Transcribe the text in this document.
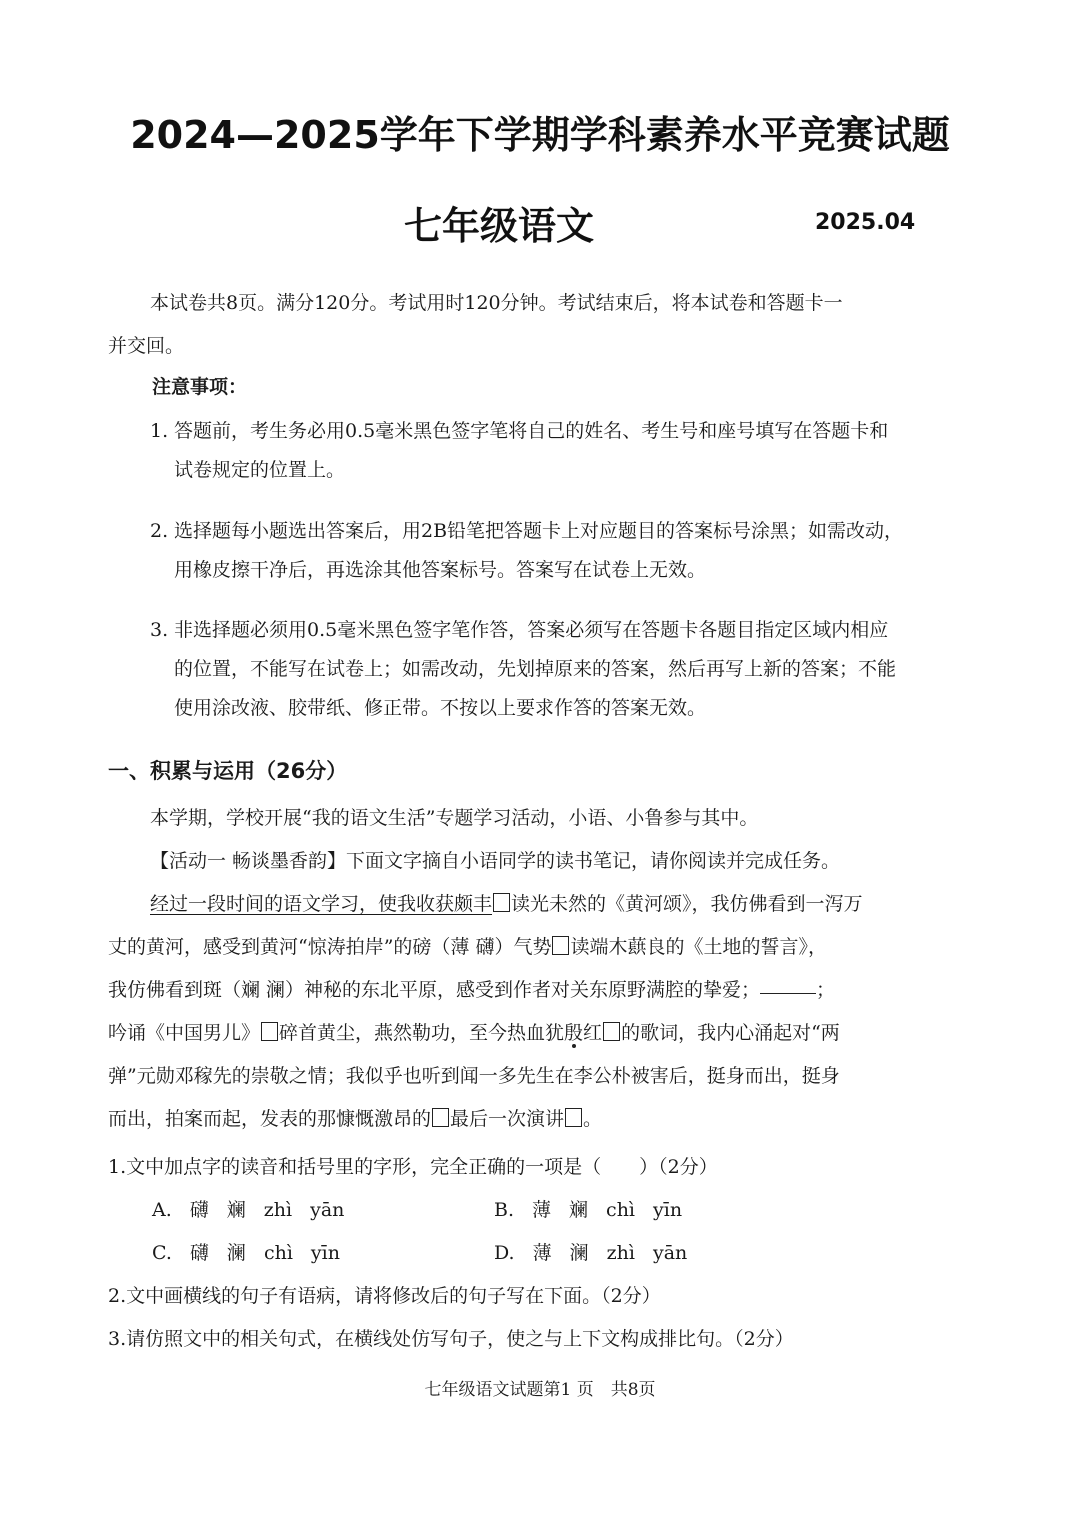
2024—2025学年下学期学科素养水平竞赛试题
七年级语文	2025.04
本试卷共8页。满分120分。考试用时120分钟。考试结束后，将本试卷和答题卡一
并交回。
注意事项：
1. 答题前，考生务必用0.5毫米黑色签字笔将自己的姓名、考生号和座号填写在答题卡和
试卷规定的位置上。
2. 选择题每小题选出答案后，用2B铅笔把答题卡上对应题目的答案标号涂黑；如需改动，
用橡皮擦干净后，再选涂其他答案标号。答案写在试卷上无效。
3. 非选择题必须用0.5毫米黑色签字笔作答，答案必须写在答题卡各题目指定区域内相应
的位置，不能写在试卷上；如需改动，先划掉原来的答案，然后再写上新的答案；不能
使用涂改液、胶带纸、修正带。不按以上要求作答的答案无效。
一、积累与运用（26分）
本学期，学校开展“我的语文生活”专题学习活动，小语、小鲁参与其中。
【活动一 畅谈墨香韵】下面文字摘自小语同学的读书笔记，请你阅读并完成任务。
经过一段时间的语文学习，使我收获颇丰 读光未然的《黄河颂》，我仿佛看到一泻万
丈的黄河，感受到黄河“惊涛拍岸”的磅（薄 礴）气势 读端木蕻良的《土地的誓言》，
我仿佛看到斑（斓 澜）神秘的东北平原，感受到作者对关东原野满腔的挚爱；	；
吟诵《中国男儿》 碎首黄尘，燕然勒功，至今热血犹殷红 的歌词，我内心涌起对“两
弹”元勋邓稼先的崇敬之情；我似乎也听到闻一多先生在李公朴被害后，挺身而出，挺身
而出，拍案而起，发表的那慷慨激昂的 最后一次演讲 。
1.文中加点字的读音和括号里的字形，完全正确的一项是（　　）（2分）
A. 礴 斓 zhì yān	B. 薄 斓 chì yīn
C. 礴 澜 chì yīn	D. 薄 澜 zhì yān
2.文中画横线的句子有语病，请将修改后的句子写在下面。（2分）
3.请仿照文中的相关句式，在横线处仿写句子，使之与上下文构成排比句。（2分）
七年级语文试题第1 页　共8页
